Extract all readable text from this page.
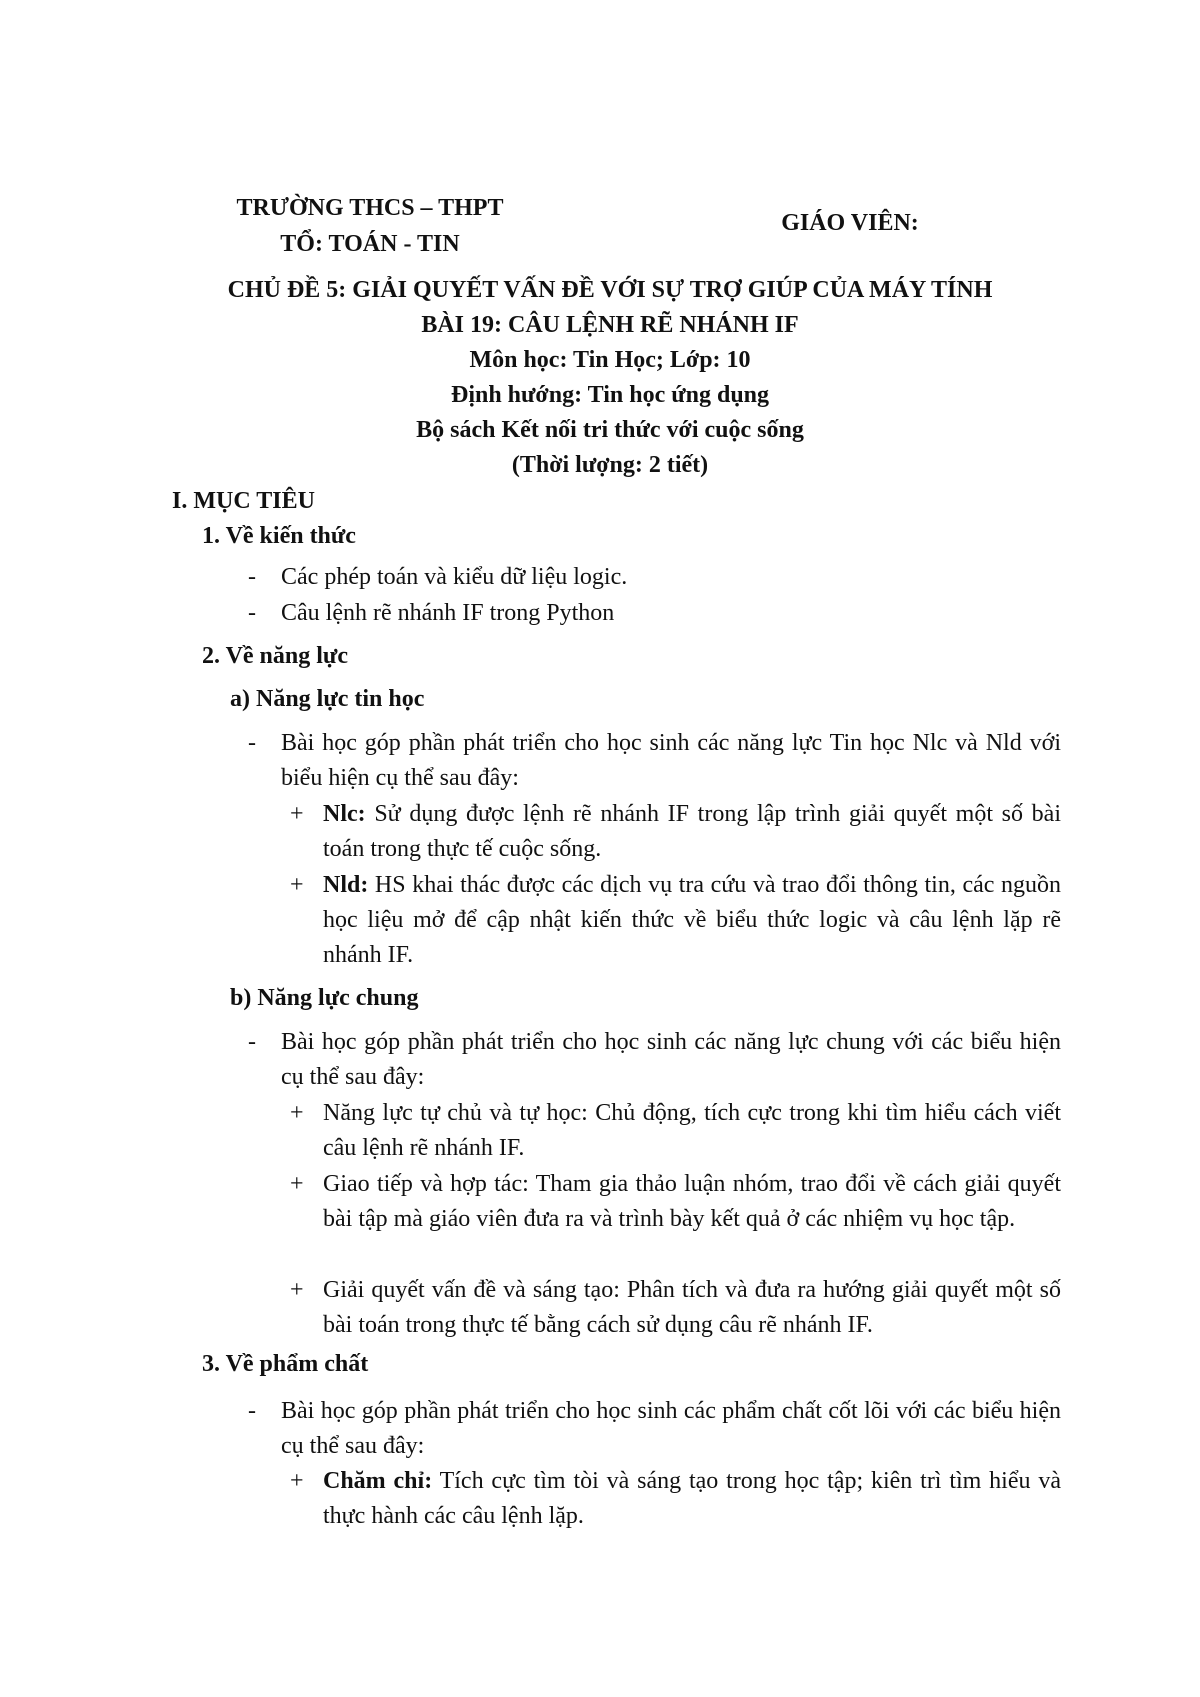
TRƯỜNG THCS – THPT
TỔ: TOÁN - TIN
GIÁO VIÊN:
CHỦ ĐỀ 5: GIẢI QUYẾT VẤN ĐỀ VỚI SỰ TRỢ GIÚP CỦA MÁY TÍNH
BÀI 19: CÂU LỆNH RẼ NHÁNH IF
Môn học: Tin Học; Lớp: 10
Định hướng: Tin học ứng dụng
Bộ sách Kết nối tri thức với cuộc sống
(Thời lượng: 2 tiết)
I. MỤC TIÊU
1. Về kiến thức
- Các phép toán và kiểu dữ liệu logic.
- Câu lệnh rẽ nhánh IF trong Python
2. Về năng lực
a) Năng lực tin học
- Bài học góp phần phát triển cho học sinh các năng lực Tin học Nlc và Nld với biểu hiện cụ thể sau đây:
+ Nlc: Sử dụng được lệnh rẽ nhánh IF trong lập trình giải quyết một số bài toán trong thực tế cuộc sống.
+ Nld: HS khai thác được các dịch vụ tra cứu và trao đổi thông tin, các nguồn học liệu mở để cập nhật kiến thức về biểu thức logic và câu lệnh lặp rẽ nhánh IF.
b) Năng lực chung
- Bài học góp phần phát triển cho học sinh các năng lực chung với các biểu hiện cụ thể sau đây:
+ Năng lực tự chủ và tự học: Chủ động, tích cực trong khi tìm hiểu cách viết câu lệnh rẽ nhánh IF.
+ Giao tiếp và hợp tác: Tham gia thảo luận nhóm, trao đổi về cách giải quyết bài tập mà giáo viên đưa ra và trình bày kết quả ở các nhiệm vụ học tập.
+ Giải quyết vấn đề và sáng tạo: Phân tích và đưa ra hướng giải quyết một số bài toán trong thực tế bằng cách sử dụng câu rẽ nhánh IF.
3. Về phẩm chất
- Bài học góp phần phát triển cho học sinh các phẩm chất cốt lõi với các biểu hiện cụ thể sau đây:
+ Chăm chỉ: Tích cực tìm tòi và sáng tạo trong học tập; kiên trì tìm hiểu và thực hành các câu lệnh lặp.
